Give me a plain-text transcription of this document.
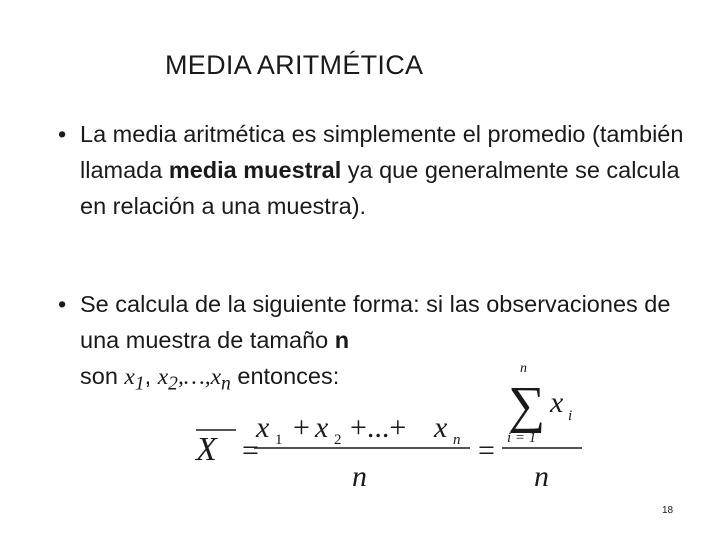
MEDIA ARITMÉTICA
• La media aritmética es simplemente el promedio (también llamada media muestral ya que generalmente se calcula en relación a una muestra).
• Se calcula de la siguiente forma: si las observaciones de una muestra de tamaño n
son $x_1$, $x_2,\dots,x_n$ entonces:
X =
x 1 + x 2 +...+ x n
n
=
n
∑ x i
i = 1
n
18
